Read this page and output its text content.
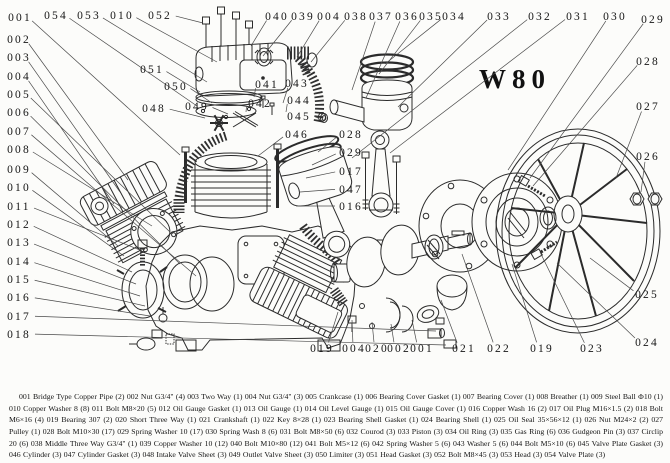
W80
001 054 053 010 052	040 039 004 038 037 036 035 034 033 032 031 030 029
028
027
026
025
024
002
003
004
005
006
007
008
009
010
011
012
013
014
015
016
017
018
051
050
048 049
041
042
043
044
045
046	028
029
017
047
016
019 004 020
002 001 021 022 019 023
001 Bridge Type Copper Pipe (2) 002 Nut G3/4" (4) 003 Two Way (1) 004 Nut G3/4" (3) 005 Crankcase (1) 006 Bearing Cover Gasket (1) 007 Bearing Cover (1) 008 Breather (1) 009 Steel Ball Φ10 (1) 010 Copper Washer 8 (8) 011 Bolt M8×20 (5) 012 Oil Gauge Gasket (1) 013 Oil Gauge (1) 014 Oil Level Gauge (1) 015 Oil Gauge Cover (1) 016 Copper Wash 16 (2) 017 Oil Plug M16×1.5 (2) 018 Bolt M6×16 (4) 019 Bearing 307 (2) 020 Short Three Way (1) 021 Crankshaft (1) 022 Key 8×28 (1) 023 Bearing Shell Gasket (1) 024 Bearing Shell (1) 025 Oil Seal 35×56×12 (1) 026 Nut M24×2 (2) 027 Pulley (1) 028 Bolt M10×30 (17) 029 Spring Washer 10 (17) 030 Spring Wash 8 (6) 031 Bolt M8×50 (6) 032 Courod (3) 033 Piston (3) 034 Oil Ring (3) 035 Gas Ring (6) 036 Gudgeon Pin (3) 037 Circlip 20 (6) 038 Middle Three Way G3/4" (1) 039 Copper Washer 10 (12) 040 Bolt M10×80 (12) 041 Bolt M5×12 (6) 042 Spring Washer 5 (6) 043 Washer 5 (6) 044 Bolt M5×10 (6) 045 Valve Plate Gasket (3) 046 Cylinder (3) 047 Cylinder Gasket (3) 048 Intake Valve Sheet (3) 049 Outlet Valve Sheet (3) 050 Limiter (3) 051 Head Gasket (3) 052 Bolt M8×45 (3) 053 Head (3) 054 Valve Plate (3)
